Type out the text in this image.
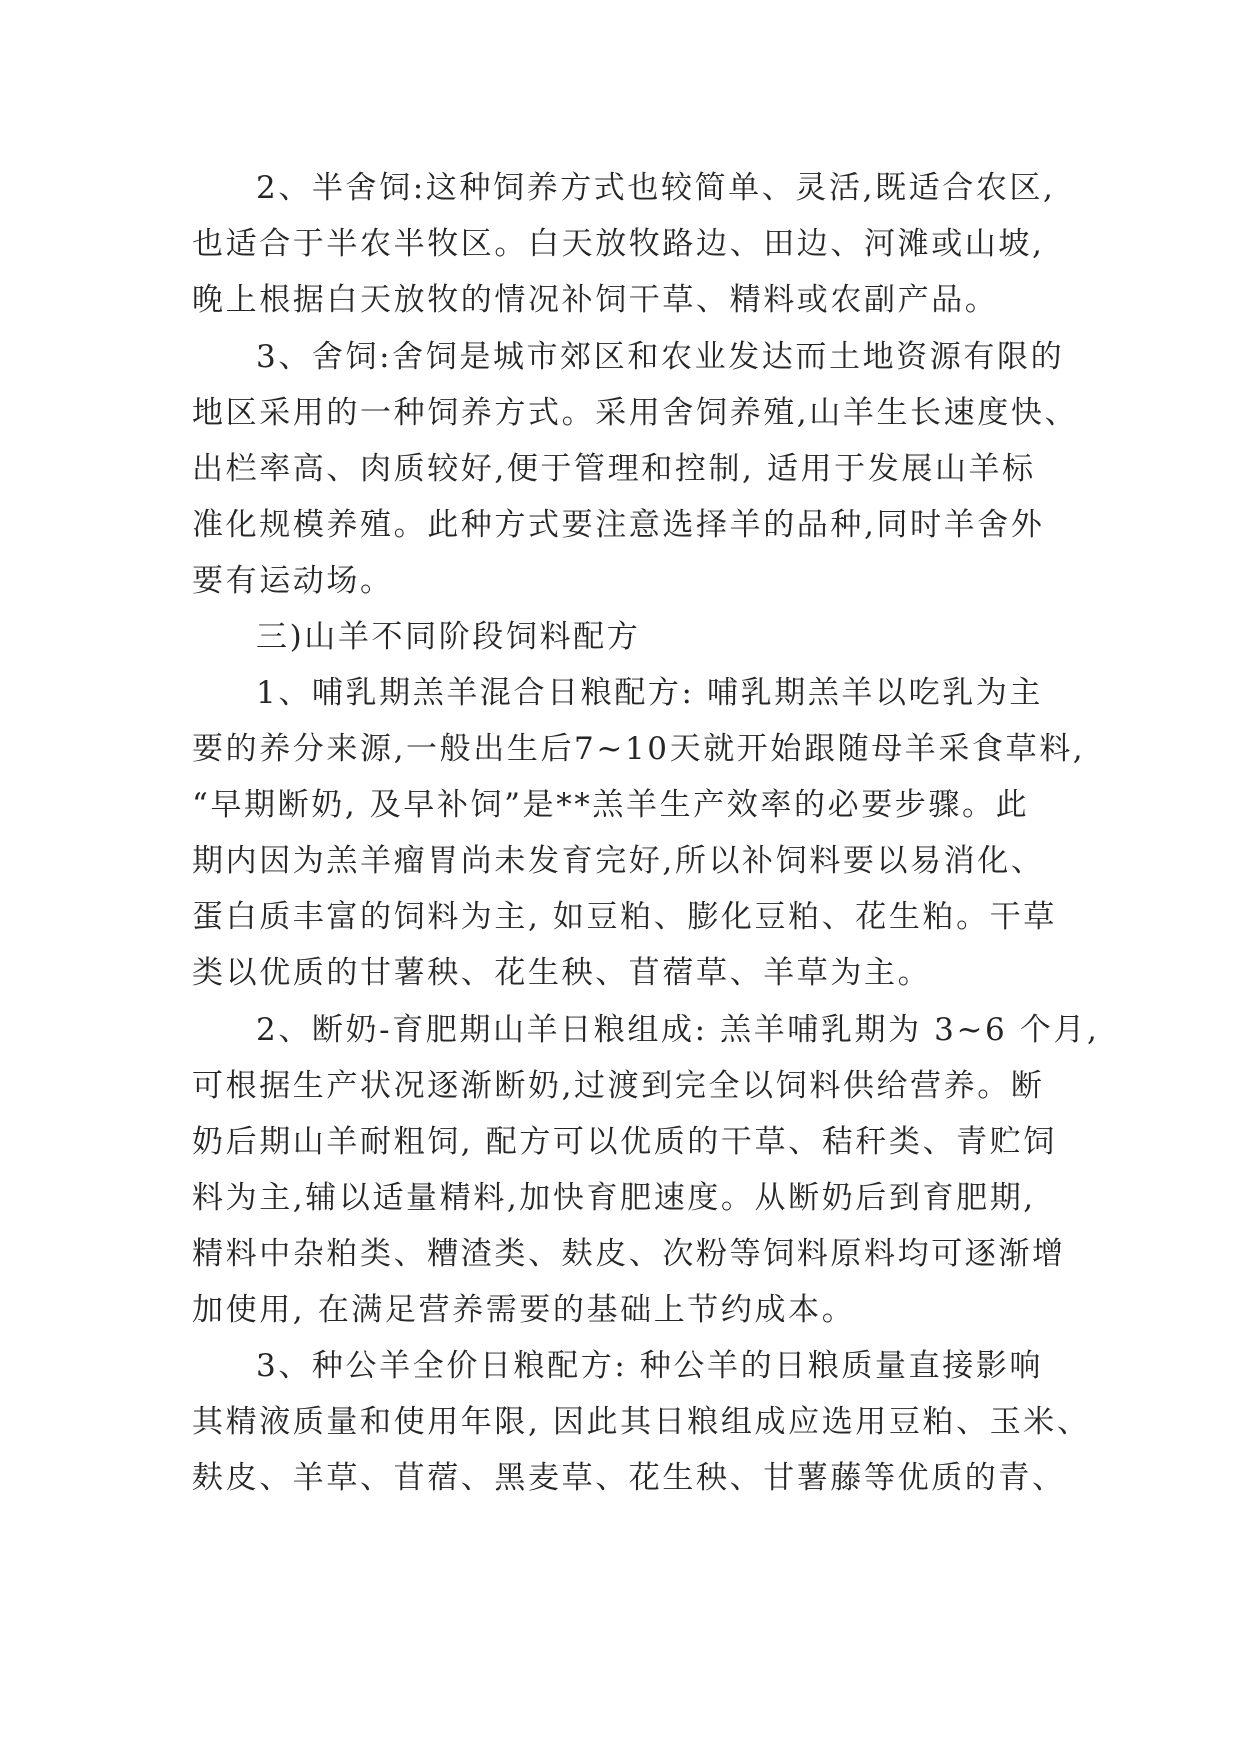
2、半舍饲:这种饲养方式也较简单、灵活,既适合农区,
也适合于半农半牧区。白天放牧路边、田边、河滩或山坡,
晚上根据白天放牧的情况补饲干草、精料或农副产品。
3、舍饲:舍饲是城市郊区和农业发达而土地资源有限的
地区采用的一种饲养方式。采用舍饲养殖,山羊生长速度快、
出栏率高、肉质较好,便于管理和控制, 适用于发展山羊标
准化规模养殖。此种方式要注意选择羊的品种,同时羊舍外
要有运动场。
三)山羊不同阶段饲料配方
1、哺乳期羔羊混合日粮配方: 哺乳期羔羊以吃乳为主
要的养分来源,一般出生后7~10天就开始跟随母羊采食草料,
“早期断奶, 及早补饲”是**羔羊生产效率的必要步骤。此
期内因为羔羊瘤胃尚未发育完好,所以补饲料要以易消化、
蛋白质丰富的饲料为主, 如豆粕、膨化豆粕、花生粕。干草
类以优质的甘薯秧、花生秧、苜蓿草、羊草为主。
2、断奶-育肥期山羊日粮组成: 羔羊哺乳期为 3~6 个月,
可根据生产状况逐渐断奶,过渡到完全以饲料供给营养。断
奶后期山羊耐粗饲, 配方可以优质的干草、秸秆类、青贮饲
料为主,辅以适量精料,加快育肥速度。从断奶后到育肥期,
精料中杂粕类、糟渣类、麸皮、次粉等饲料原料均可逐渐增
加使用, 在满足营养需要的基础上节约成本。
3、种公羊全价日粮配方: 种公羊的日粮质量直接影响
其精液质量和使用年限, 因此其日粮组成应选用豆粕、玉米、
麸皮、羊草、苜蓿、黑麦草、花生秧、甘薯藤等优质的青、
